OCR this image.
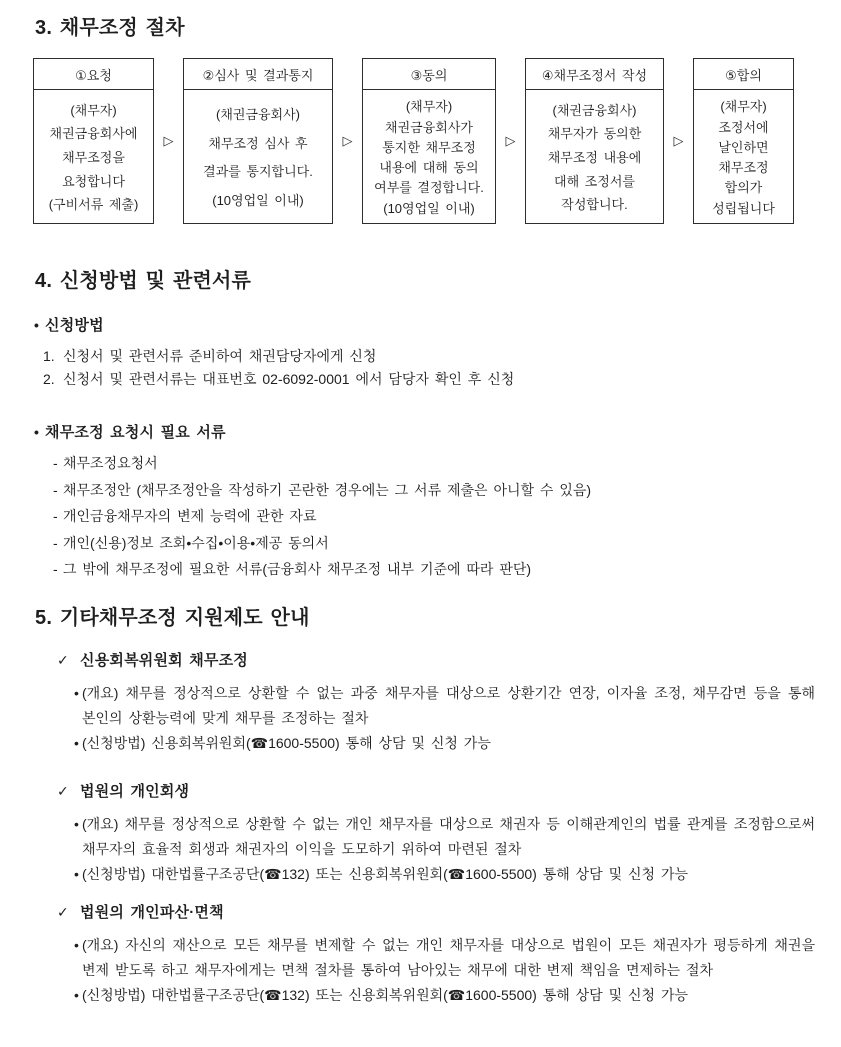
3. 채무조정 절차
①요청
(채무자)
채권금융회사에
채무조정을
요청합니다
(구비서류 제출)
▷
②심사 및 결과통지
(채권금융회사)
채무조정 심사 후
결과를 통지합니다.
(10영업일 이내)
▷
③동의
(채무자)
채권금융회사가
통지한 채무조정
내용에 대해 동의
여부를 결정합니다.
(10영업일 이내)
▷
④채무조정서 작성
(채권금융회사)
채무자가 동의한
채무조정 내용에
대해 조정서를
작성합니다.
▷
⑤합의
(채무자)
조정서에
날인하면
채무조정
합의가
성립됩니다
4. 신청방법 및 관련서류
• 신청방법
1. 신청서 및 관련서류 준비하여 채권담당자에게 신청
2. 신청서 및 관련서류는 대표번호 02-6092-0001 에서 담당자 확인 후 신청
• 채무조정 요청시 필요 서류
- 채무조정요청서
- 채무조정안 (채무조정안을 작성하기 곤란한 경우에는 그 서류 제출은 아니할 수 있음)
- 개인금융채무자의 변제 능력에 관한 자료
- 개인(신용)정보 조회•수집•이용•제공 동의서
- 그 밖에 채무조정에 필요한 서류(금융회사 채무조정 내부 기준에 따라 판단)
5. 기타채무조정 지원제도 안내
✓ 신용회복위원회 채무조정
• (개요) 채무를 정상적으로 상환할 수 없는 과중 채무자를 대상으로 상환기간 연장, 이자율 조정, 채무감면 등을 통해 본인의 상환능력에 맞게 채무를 조정하는 절차
• (신청방법) 신용회복위원회(☎1600-5500) 통해 상담 및 신청 가능
✓ 법원의 개인회생
• (개요) 채무를 정상적으로 상환할 수 없는 개인 채무자를 대상으로 채권자 등 이해관계인의 법률 관계를 조정함으로써 채무자의 효율적 회생과 채권자의 이익을 도모하기 위하여 마련된 절차
• (신청방법) 대한법률구조공단(☎132) 또는 신용회복위원회(☎1600-5500) 통해 상담 및 신청 가능
✓ 법원의 개인파산·면책
• (개요) 자신의 재산으로 모든 채무를 변제할 수 없는 개인 채무자를 대상으로 법원이 모든 채권자가 평등하게 채권을 변제 받도록 하고 채무자에게는 면책 절차를 통하여 남아있는 채무에 대한 변제 책임을 면제하는 절차
• (신청방법) 대한법률구조공단(☎132) 또는 신용회복위원회(☎1600-5500) 통해 상담 및 신청 가능
